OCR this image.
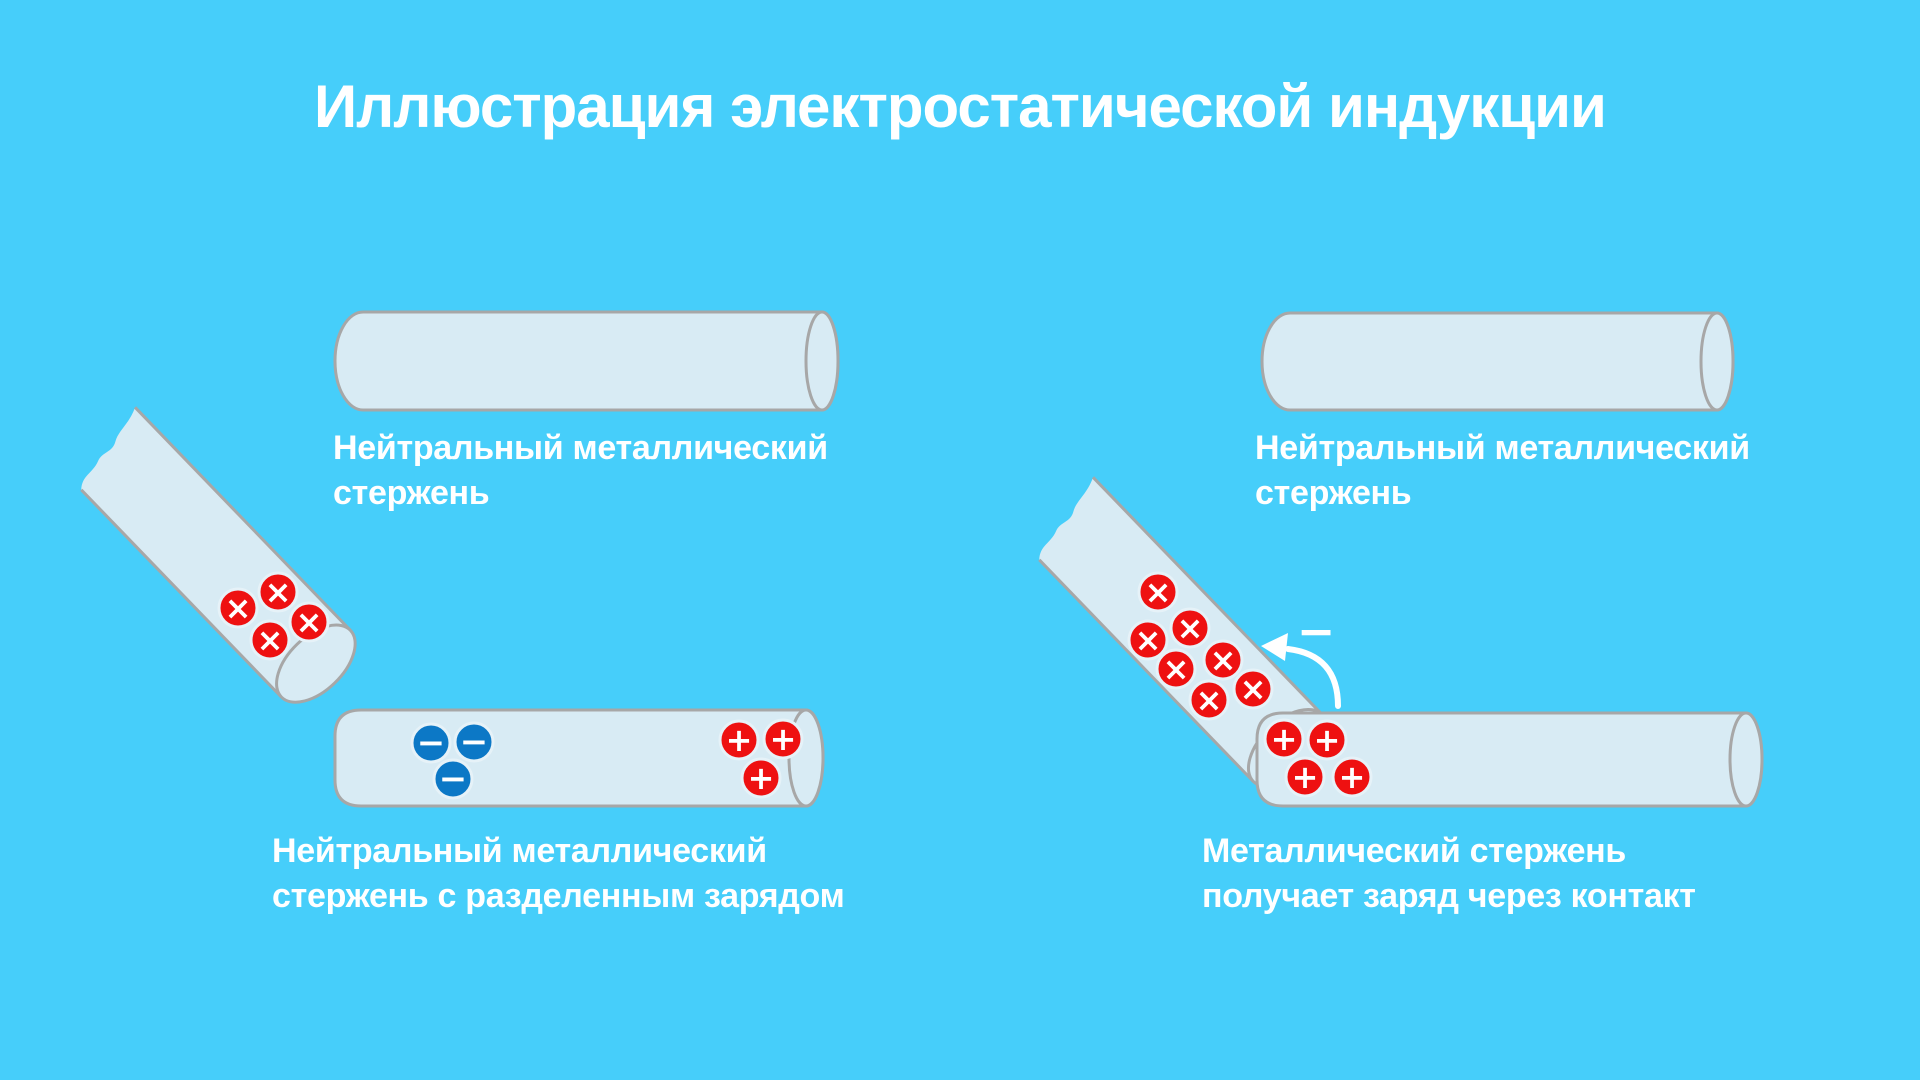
−
× ×
× ×
− −
−
+ +
+
×
×
×
×
×
×
×
+ +
+ +
Иллюстрация электростатической индукции
Нейтральный металлический
стержень
Нейтральный металлический
стержень с разделенным зарядом
Нейтральный металлический
стержень
Металлический стержень
получает заряд через контакт
